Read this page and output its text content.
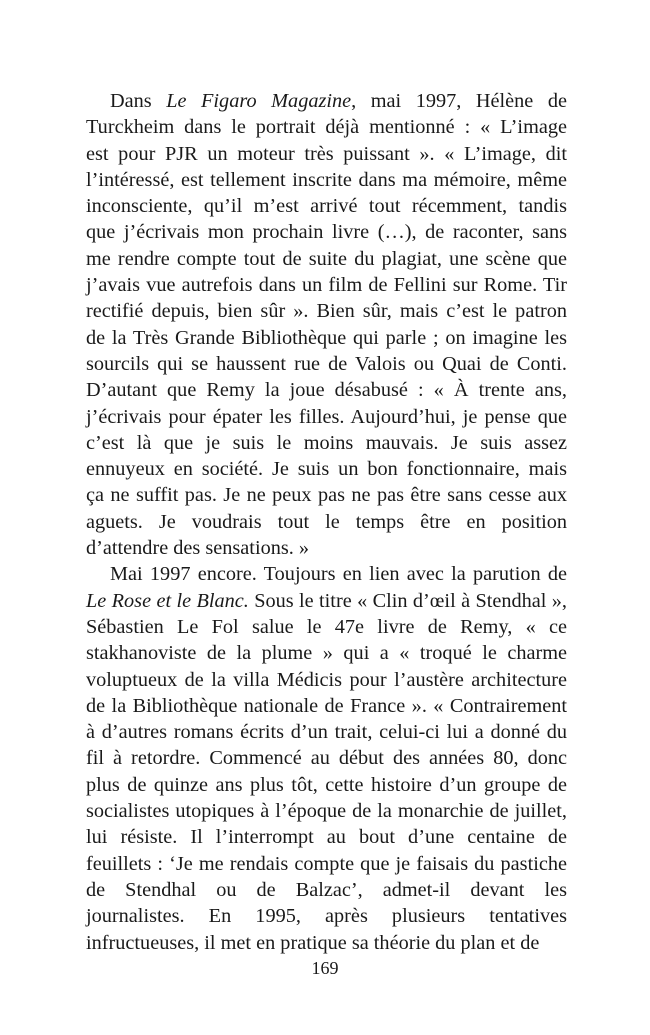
Dans Le Figaro Magazine, mai 1997, Hélène de
Turckheim dans le portrait déjà mentionné : « L’image
est pour PJR un moteur très puissant ». « L’image, dit
l’intéressé, est tellement inscrite dans ma mémoire, même
inconsciente, qu’il m’est arrivé tout récemment, tandis
que j’écrivais mon prochain livre (…), de raconter, sans
me rendre compte tout de suite du plagiat, une scène que
j’avais vue autrefois dans un film de Fellini sur Rome. Tir
rectifié depuis, bien sûr ». Bien sûr, mais c’est le patron
de la Très Grande Bibliothèque qui parle ; on imagine les
sourcils qui se haussent rue de Valois ou Quai de Conti.
D’autant que Remy la joue désabusé : « À trente ans,
j’écrivais pour épater les filles. Aujourd’hui, je pense que
c’est là que je suis le moins mauvais. Je suis assez
ennuyeux en société. Je suis un bon fonctionnaire, mais
ça ne suffit pas. Je ne peux pas ne pas être sans cesse aux
aguets. Je voudrais tout le temps être en position
d’attendre des sensations. »
Mai 1997 encore. Toujours en lien avec la parution de
Le Rose et le Blanc. Sous le titre « Clin d’œil à Stendhal »,
Sébastien Le Fol salue le 47e livre de Remy, « ce
stakhanoviste de la plume » qui a « troqué le charme
voluptueux de la villa Médicis pour l’austère architecture
de la Bibliothèque nationale de France ». « Contrairement
à d’autres romans écrits d’un trait, celui-ci lui a donné du
fil à retordre. Commencé au début des années 80, donc
plus de quinze ans plus tôt, cette histoire d’un groupe de
socialistes utopiques à l’époque de la monarchie de juillet,
lui résiste. Il l’interrompt au bout d’une centaine de
feuillets : ‘Je me rendais compte que je faisais du pastiche
de Stendhal ou de Balzac’, admet-il devant les
journalistes. En 1995, après plusieurs tentatives
infructueuses, il met en pratique sa théorie du plan et de
169
